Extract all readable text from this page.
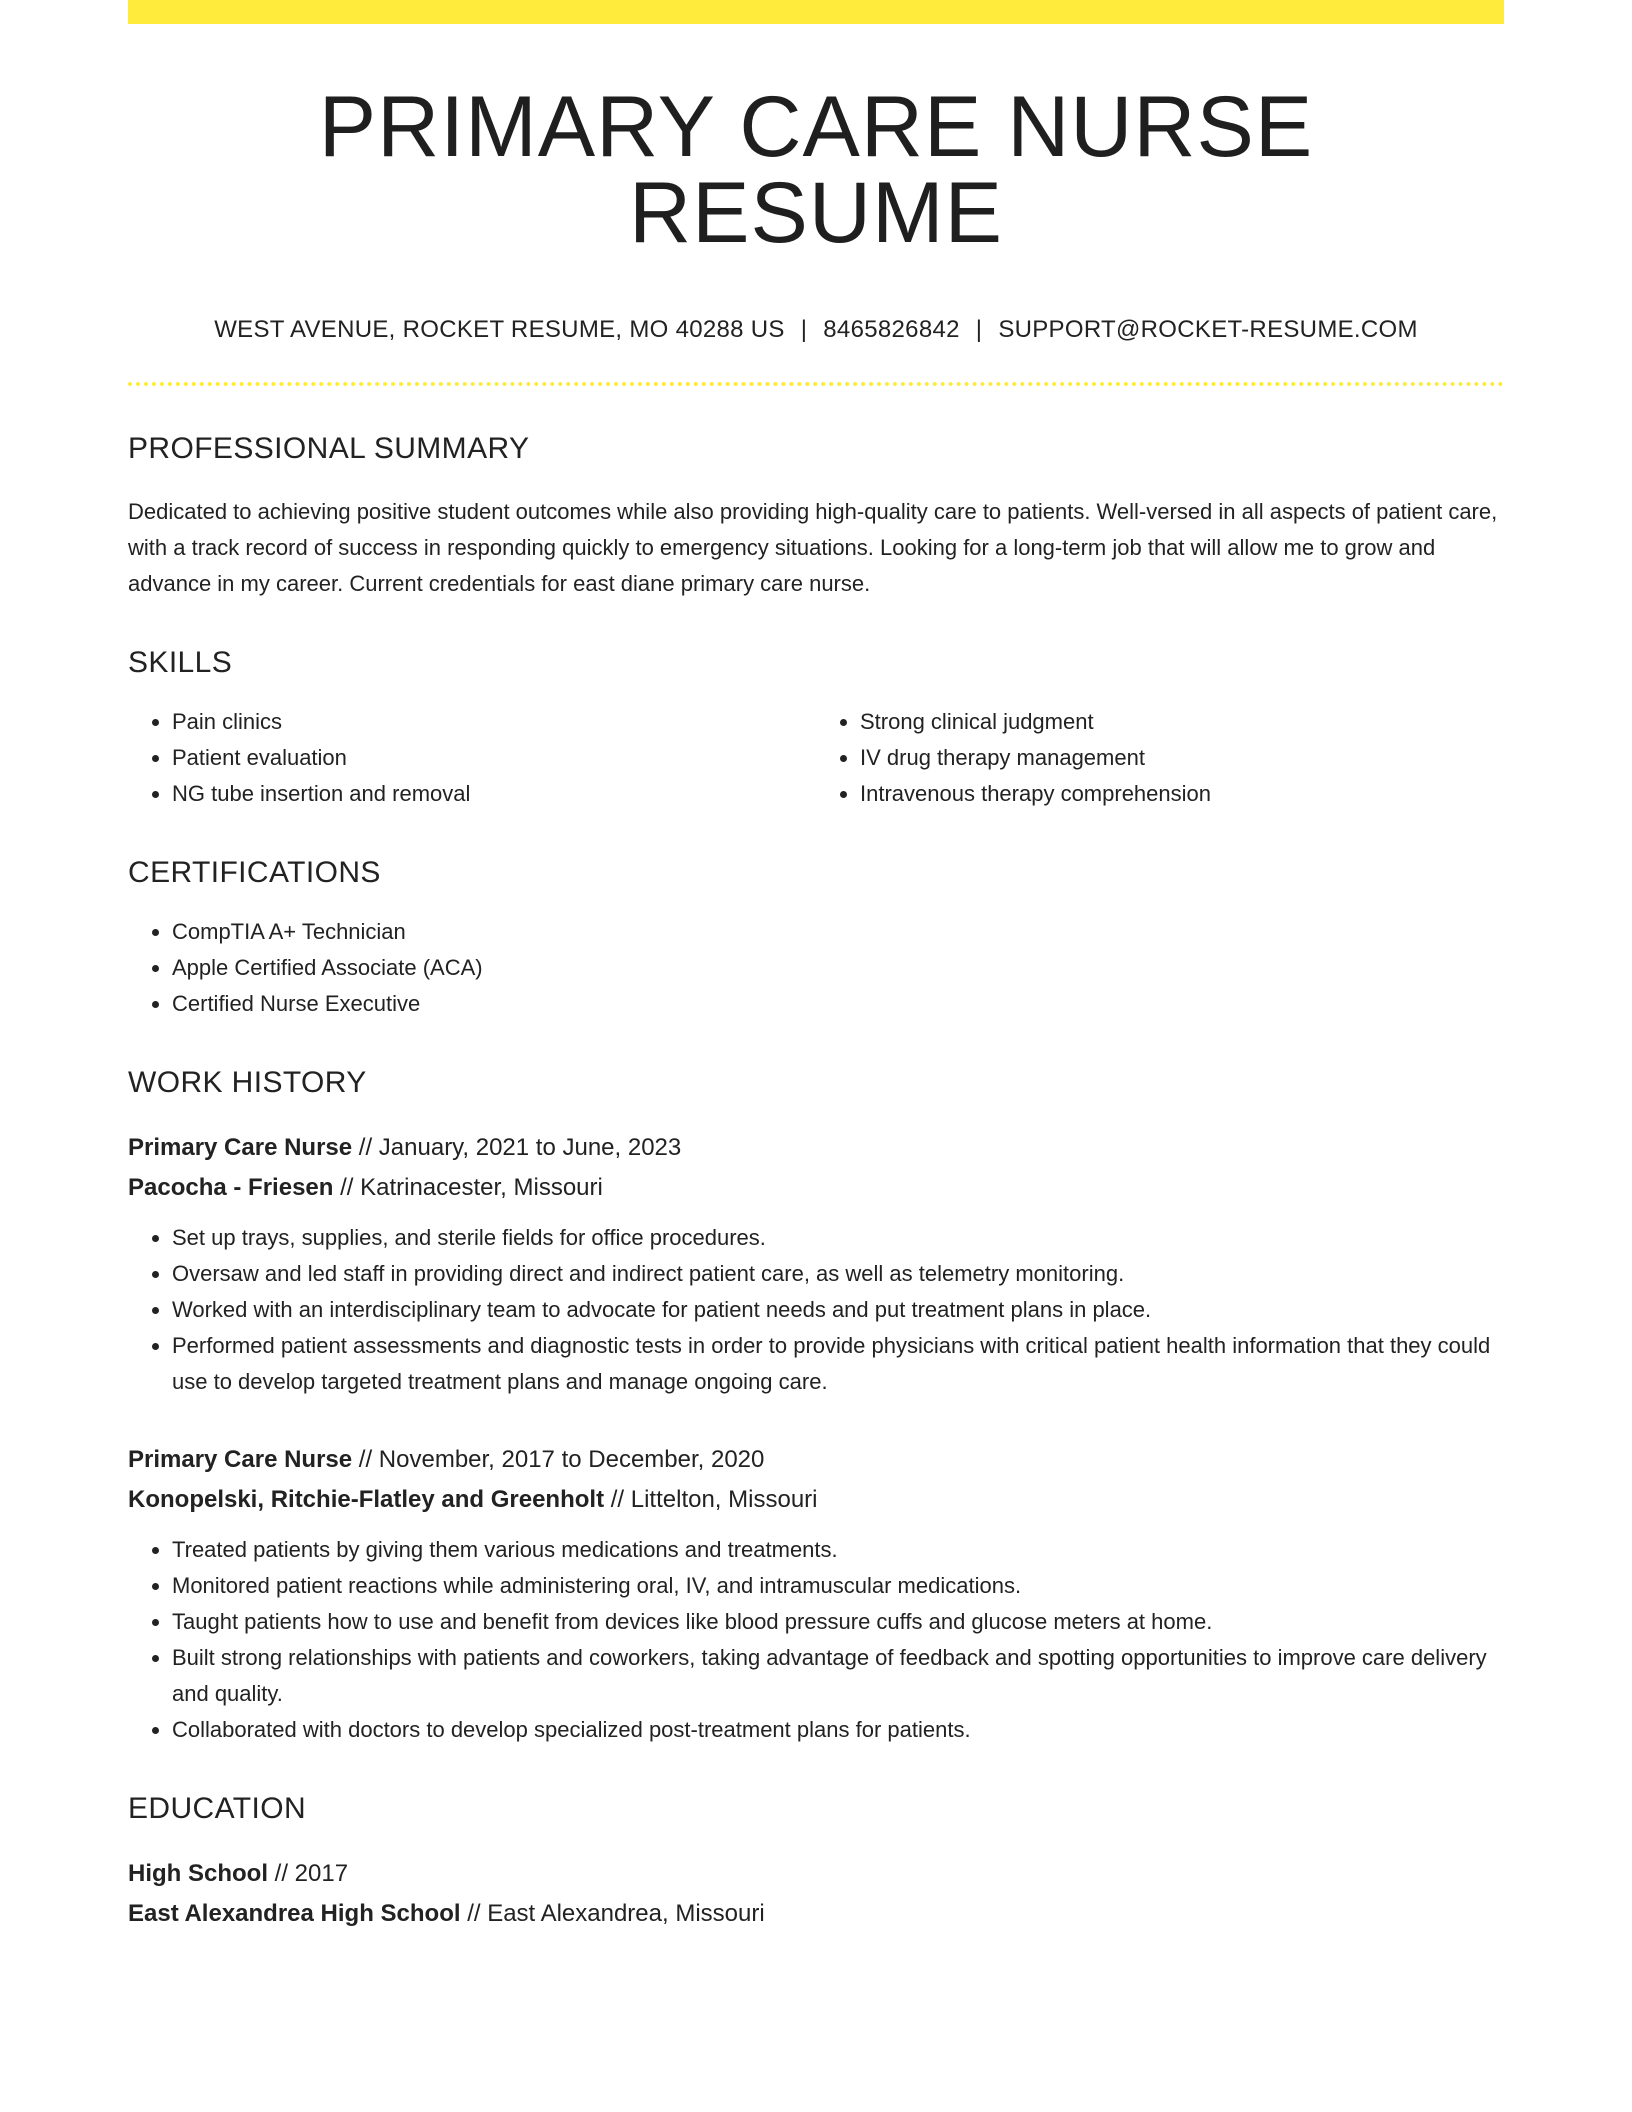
PRIMARY CARE NURSE RESUME
WEST AVENUE, ROCKET RESUME, MO 40288 US | 8465826842 | SUPPORT@ROCKET-RESUME.COM
PROFESSIONAL SUMMARY

Dedicated to achieving positive student outcomes while also providing high-quality care to patients. Well-versed in all aspects of patient care, with a track record of success in responding quickly to emergency situations. Looking for a long-term job that will allow me to grow and advance in my career. Current credentials for east diane primary care nurse.

SKILLS
• Pain clinics
• Patient evaluation
• NG tube insertion and removal
• Strong clinical judgment
• IV drug therapy management
• Intravenous therapy comprehension
CERTIFICATIONS
• CompTIA A+ Technician
• Apple Certified Associate (ACA)
• Certified Nurse Executive
WORK HISTORY
Primary Care Nurse // January, 2021 to June, 2023
Pacocha - Friesen // Katrinacester, Missouri
• Set up trays, supplies, and sterile fields for office procedures.
• Oversaw and led staff in providing direct and indirect patient care, as well as telemetry monitoring.
• Worked with an interdisciplinary team to advocate for patient needs and put treatment plans in place.
• Performed patient assessments and diagnostic tests in order to provide physicians with critical patient health information that they could use to develop targeted treatment plans and manage ongoing care.
Primary Care Nurse // November, 2017 to December, 2020
Konopelski, Ritchie-Flatley and Greenholt // Littelton, Missouri
• Treated patients by giving them various medications and treatments.
• Monitored patient reactions while administering oral, IV, and intramuscular medications.
• Taught patients how to use and benefit from devices like blood pressure cuffs and glucose meters at home.
• Built strong relationships with patients and coworkers, taking advantage of feedback and spotting opportunities to improve care delivery and quality.
• Collaborated with doctors to develop specialized post-treatment plans for patients.
EDUCATION
High School // 2017
East Alexandrea High School // East Alexandrea, Missouri
